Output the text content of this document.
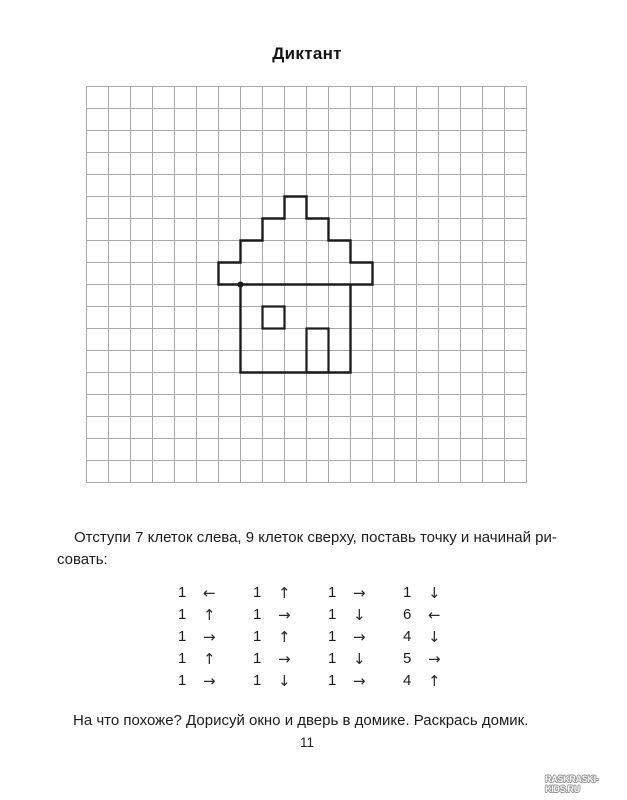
Диктант

Отступи 7 клеток слева, 9 клеток сверху, поставь точку и начинай ри-
совать:

1	← 1	↑ 1	→ 1	↓
1	↑ 1	→ 1	↓ 6	←
1	→ 1	↑ 1	→ 4	↓
1	↑ 1	→ 1	↓ 5	→
1	→ 1	↓ 1	→ 4	↑

На что похоже? Дорисуй окно и дверь в домике. Раскрась домик.

11
RASKRASKI-KIDS.RU
